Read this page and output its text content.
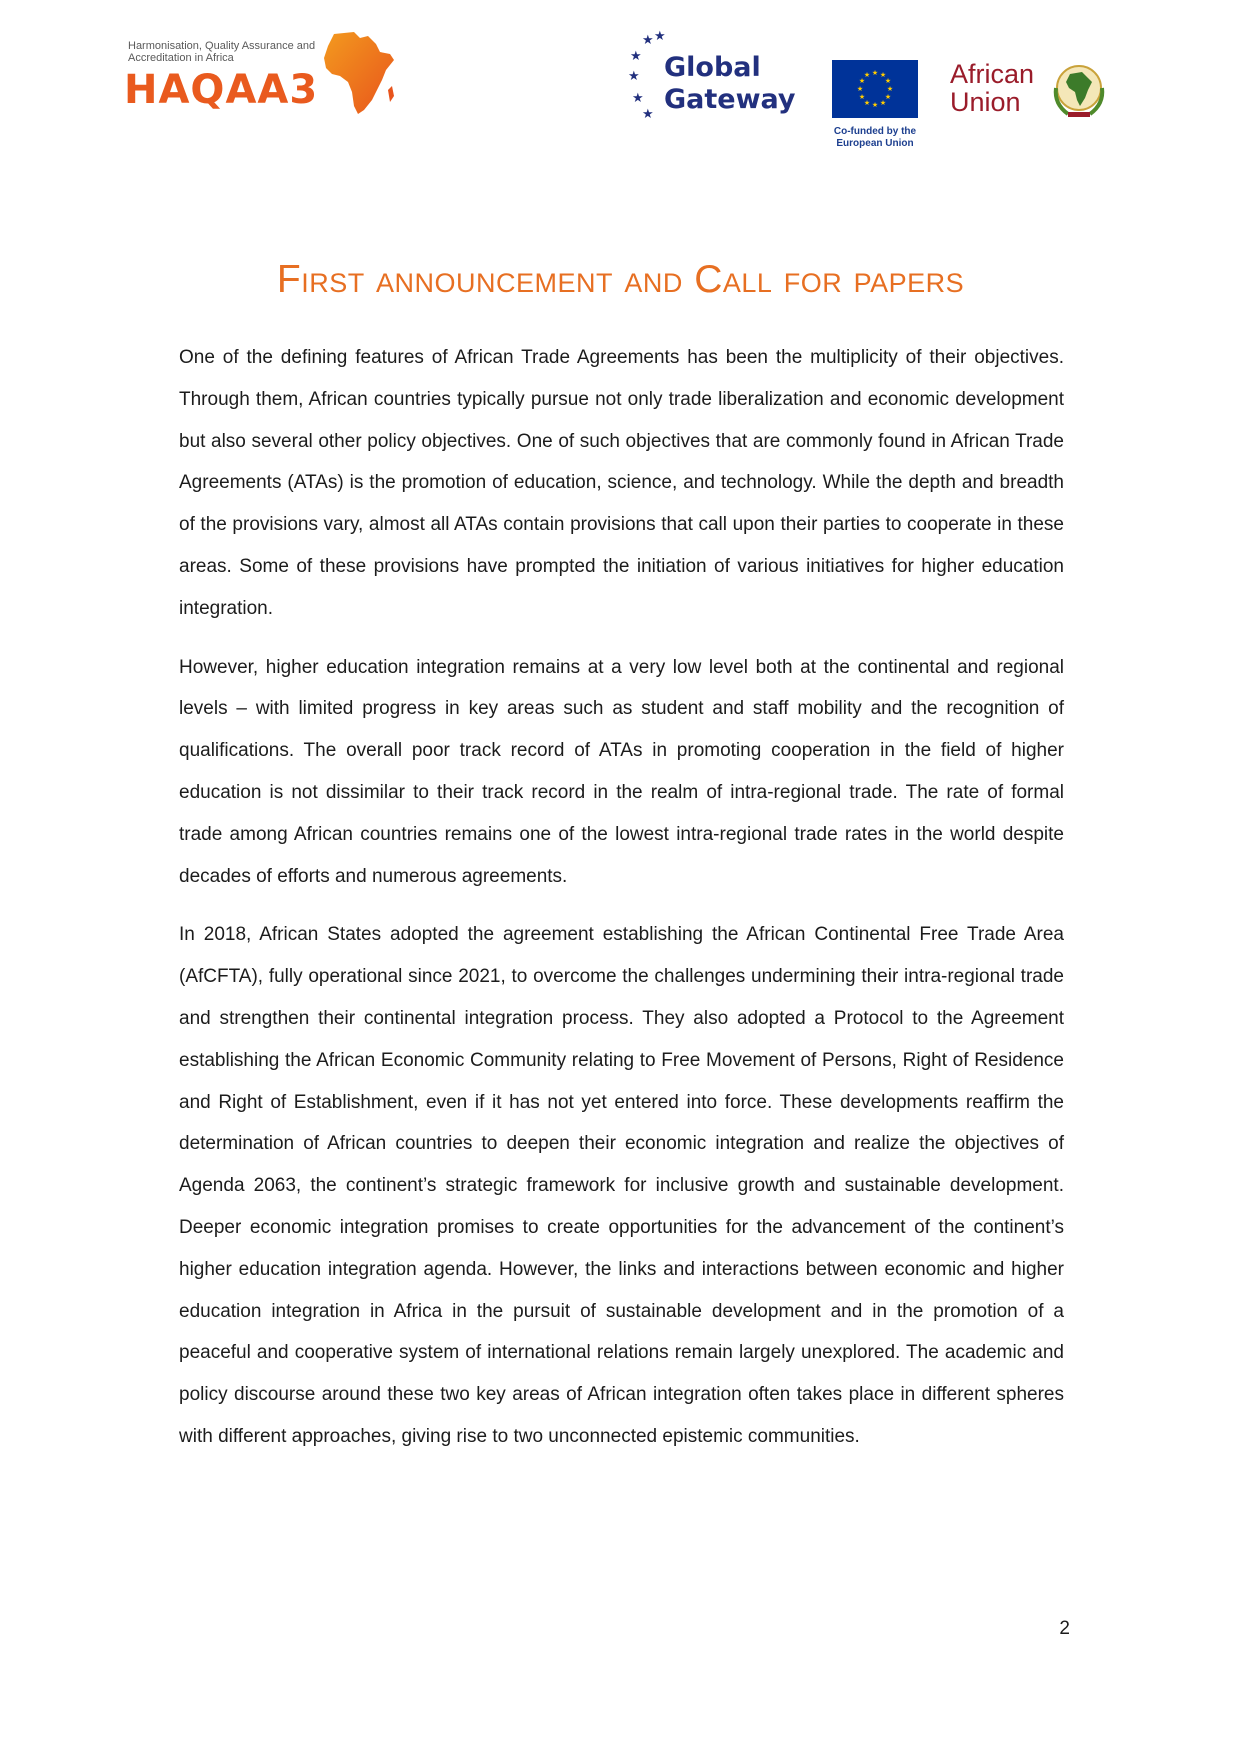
Harmonisation, Quality Assurance and Accreditation in Africa
HAQAA3
★
★
★
★
★
★
Global
Gateway
★ ★
★
★
★
★
★
★
★
★
★
★
Co-funded by the European Union
African
Union
First announcement and Call for papers

One of the defining features of African Trade Agreements has been the multiplicity of their objectives. Through them, African countries typically pursue not only trade liberalization and economic development but also several other policy objectives. One of such objectives that are commonly found in African Trade Agreements (ATAs) is the promotion of education, science, and technology. While the depth and breadth of the provisions vary, almost all ATAs contain provisions that call upon their parties to cooperate in these areas. Some of these provisions have prompted the initiation of various initiatives for higher education integration.

However, higher education integration remains at a very low level both at the continental and regional levels – with limited progress in key areas such as student and staff mobility and the recognition of qualifications. The overall poor track record of ATAs in promoting cooperation in the field of higher education is not dissimilar to their track record in the realm of intra-regional trade. The rate of formal trade among African countries remains one of the lowest intra-regional trade rates in the world despite decades of efforts and numerous agreements.

In 2018, African States adopted the agreement establishing the African Continental Free Trade Area (AfCFTA), fully operational since 2021, to overcome the challenges undermining their intra-regional trade and strengthen their continental integration process. They also adopted a Protocol to the Agreement establishing the African Economic Community relating to Free Movement of Persons, Right of Residence and Right of Establishment, even if it has not yet entered into force. These developments reaffirm the determination of African countries to deepen their economic integration and realize the objectives of Agenda 2063, the continent’s strategic framework for inclusive growth and sustainable development. Deeper economic integration promises to create opportunities for the advancement of the continent’s higher education integration agenda. However, the links and interactions between economic and higher education integration in Africa in the pursuit of sustainable development and in the promotion of a peaceful and cooperative system of international relations remain largely unexplored. The academic and policy discourse around these two key areas of African integration often takes place in different spheres with different approaches, giving rise to two unconnected epistemic communities.

2
